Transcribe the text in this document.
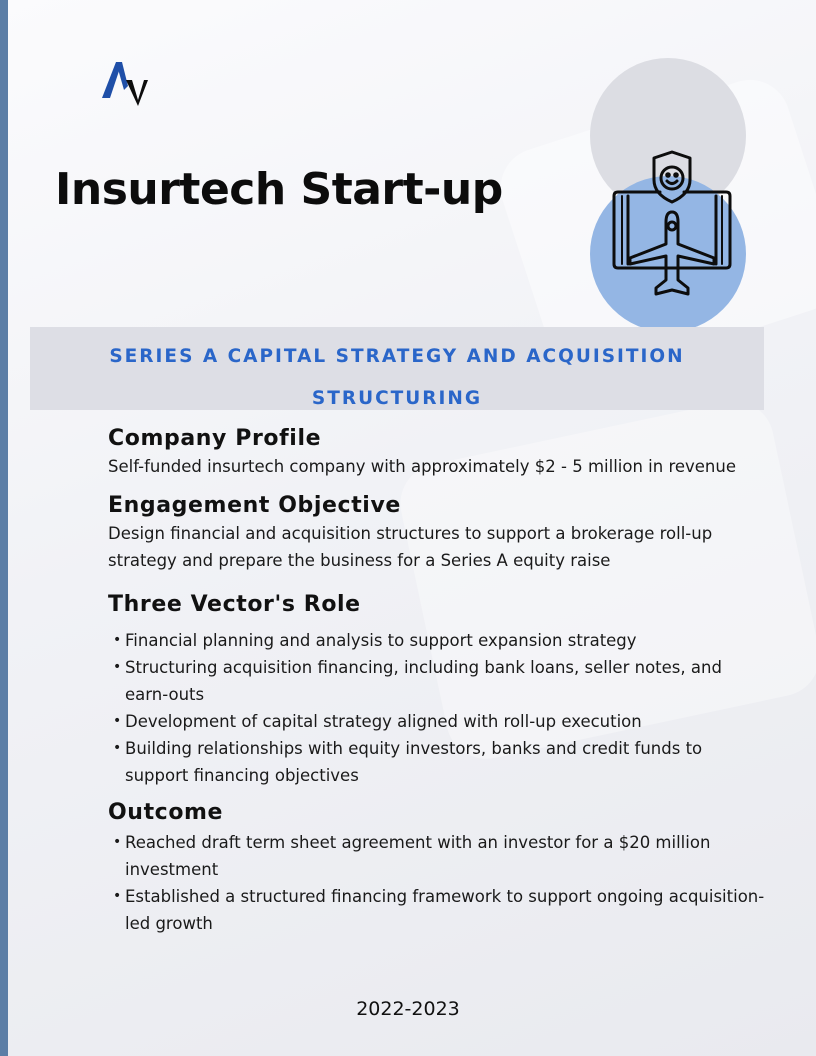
Insurtech Start-up
SERIES A CAPITAL STRATEGY AND ACQUISITION STRUCTURING
Company Profile

Self-funded insurtech company with approximately $2 - 5 million in revenue

Engagement Objective

Design financial and acquisition structures to support a brokerage roll-up strategy and prepare the business for a Series A equity raise

Three Vector's Role
• Financial planning and analysis to support expansion strategy
• Structuring acquisition financing, including bank loans, seller notes, and earn-outs
• Development of capital strategy aligned with roll-up execution
• Building relationships with equity investors, banks and credit funds to support financing objectives
Outcome
• Reached draft term sheet agreement with an investor for a $20 million investment
• Established a structured financing framework to support ongoing acquisition-led growth
2022-2023
